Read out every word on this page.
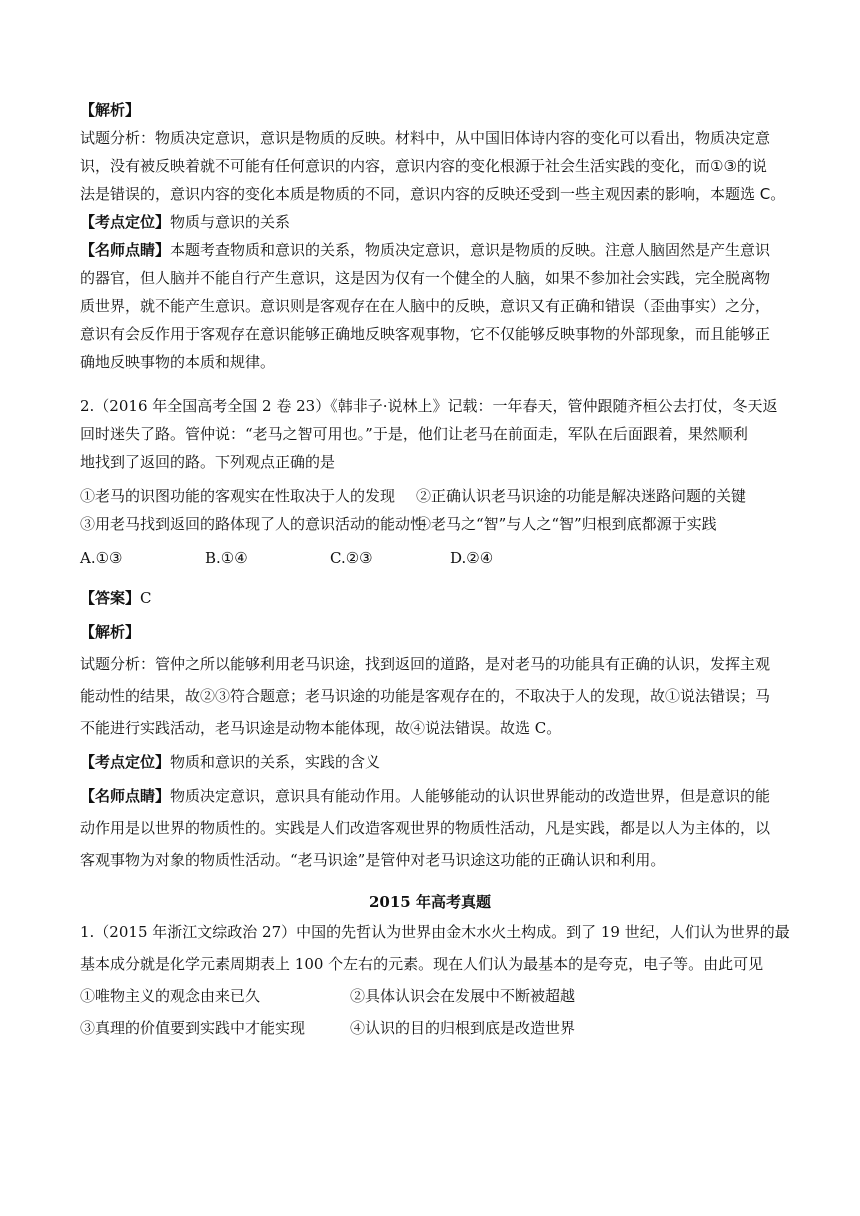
【解析】
试题分析：物质决定意识，意识是物质的反映。材料中，从中国旧体诗内容的变化可以看出，物质决定意
识，没有被反映着就不可能有任何意识的内容，意识内容的变化根源于社会生活实践的变化，而①③的说
法是错误的，意识内容的变化本质是物质的不同，意识内容的反映还受到一些主观因素的影响，本题选 C。
【考点定位】物质与意识的关系
【名师点睛】本题考查物质和意识的关系，物质决定意识，意识是物质的反映。注意人脑固然是产生意识
的器官，但人脑并不能自行产生意识，这是因为仅有一个健全的人脑，如果不参加社会实践，完全脱离物
质世界，就不能产生意识。意识则是客观存在在人脑中的反映，意识又有正确和错误（歪曲事实）之分，
意识有会反作用于客观存在意识能够正确地反映客观事物，它不仅能够反映事物的外部现象，而且能够正
确地反映事物的本质和规律。
2.（2016 年全国高考全国 2 卷 23）《韩非子·说林上》记载：一年春天，管仲跟随齐桓公去打仗，冬天返
回时迷失了路。管仲说：“老马之智可用也。”于是，他们让老马在前面走，军队在后面跟着，果然顺利
地找到了返回的路。下列观点正确的是
①老马的识图功能的客观实在性取决于人的发现 ②正确认识老马识途的功能是解决迷路问题的关键
③用老马找到返回的路体现了人的意识活动的能动性④老马之“智”与人之“智”归根到底都源于实践
A.①③	B.①④	C.②③	D.②④
【答案】C
【解析】
试题分析：管仲之所以能够利用老马识途，找到返回的道路，是对老马的功能具有正确的认识，发挥主观
能动性的结果，故②③符合题意；老马识途的功能是客观存在的，不取决于人的发现，故①说法错误；马
不能进行实践活动，老马识途是动物本能体现，故④说法错误。故选 C。
【考点定位】物质和意识的关系，实践的含义
【名师点睛】物质决定意识，意识具有能动作用。人能够能动的认识世界能动的改造世界，但是意识的能
动作用是以世界的物质性的。实践是人们改造客观世界的物质性活动，凡是实践，都是以人为主体的，以
客观事物为对象的物质性活动。“老马识途”是管仲对老马识途这功能的正确认识和利用。
2015 年高考真题
1.（2015 年浙江文综政治 27）中国的先哲认为世界由金木水火土构成。到了 19 世纪，人们认为世界的最
基本成分就是化学元素周期表上 100 个左右的元素。现在人们认为最基本的是夸克，电子等。由此可见
①唯物主义的观念由来已久	②具体认识会在发展中不断被超越
③真理的价值要到实践中才能实现	④认识的目的归根到底是改造世界
